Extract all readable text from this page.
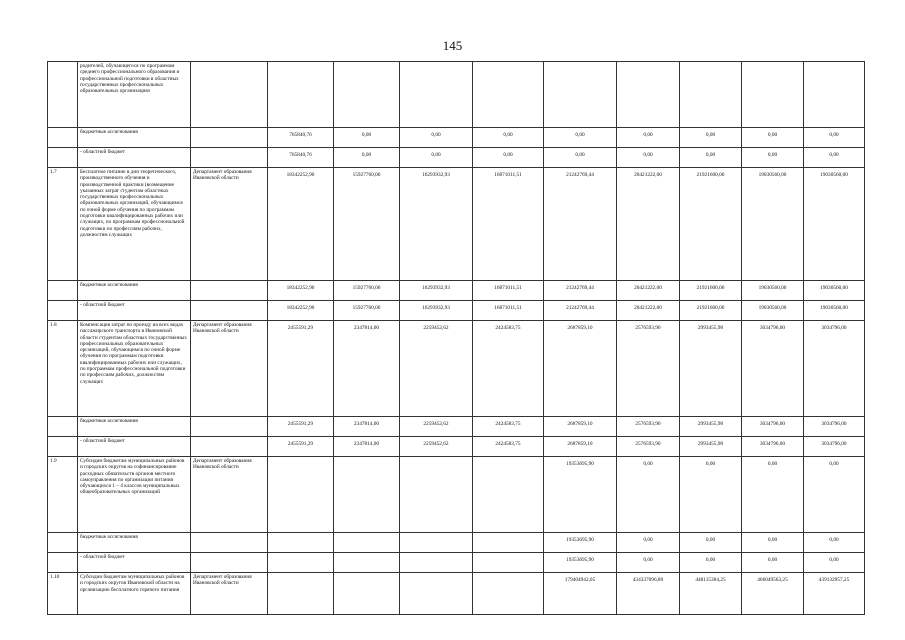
145
	родителей, обучающегося по программам среднего профессионального образования и профессиональной подготовки в областных государственных профессиональных образовательных организациях		

	бюджетные ассигнования		765840,76	0,00	0,00	0,00	0,00	0,00	0,00	0,00	0,00

	- областной бюджет		765840,76	0,00	0,00	0,00	0,00	0,00	0,00	0,00	0,00

1.7	Бесплатное питание в дни теоретического, производственного обучения и производственной практики (возмещение указанных затрат студентам областных государственных профессиональных образовательных организаций, обучающимся по очной форме обучения по программам подготовки квалифицированных рабочих или служащих, по программам профессиональной подготовки по профессиям рабочих, должностям служащих	Департамент образования Ивановской области	18342252,90	15927760,00	16293932,93	16871011,51	21242769,44	20421222,00	21921600,00	19030560,00	19030560,00

	бюджетные ассигнования		18342252,90	15927760,00	16293932,93	16871011,51	21242769,44	20421222,00	21921600,00	19030560,00	19030560,00

	- областной бюджет		18342252,90	15927760,00	16293932,93	16871011,51	21242769,44	20421222,00	21921600,00	19030560,00	19030560,00

1.8	Компенсация затрат по проезду на всех видах пассажирского транспорта в Ивановской области студентам областных государственных профессиональных образовательных организаций, обучающимся по очной форме обучения по программам подготовки квалифицированных рабочих или служащих, по программам профессиональной подготовки по профессиям рабочих, должностям служащих	Департамент образования Ивановской области	2455591,29	2347814,00	2259452,62	2424583,75	2687859,10	2576593,90	2993455,98	3034796,00	3034796,00

	бюджетные ассигнования		2455591,29	2347814,00	2259452,62	2424583,75	2687859,10	2576593,90	2993455,98	3034796,00	3034796,00

	- областной бюджет		2455591,29	2347814,00	2259452,62	2424583,75	2687859,10	2576593,90	2993455,98	3034796,00	3034796,00

1.9	Субсидии бюджетам муниципальных районов и городских округов на софинансирование расходных обязательств органов местного самоуправления по организации питания обучающихся 1 – 4 классов муниципальных общеобразовательных организаций	Департамент образования Ивановской области					19353695,90	0,00	0,00	0,00	0,00

	бюджетные ассигнования						19353695,90	0,00	0,00	0,00	0,00

	- областной бюджет						19353695,90	0,00	0,00	0,00	0,00

1.10	Субсидии бюджетам муниципальных районов и городских округов Ивановской области на организацию бесплатного горячего питания	Департамент образования Ивановской области					179404942,05	434337096,80	448115384,25	466049563,25	439132957,25
